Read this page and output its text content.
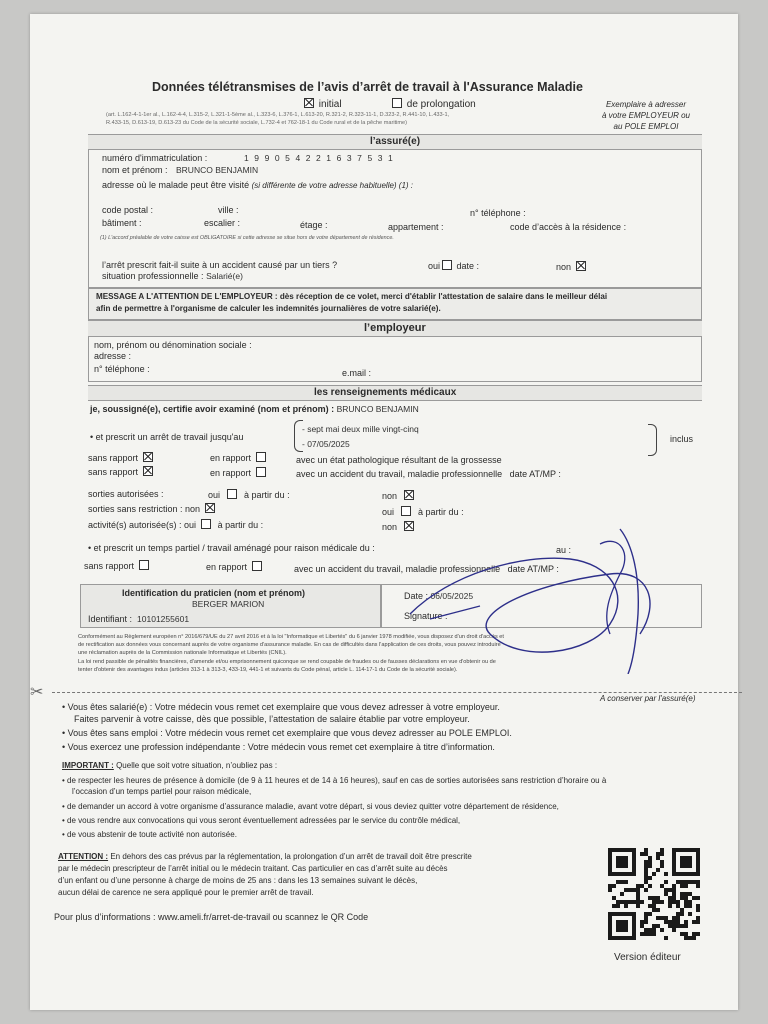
Données télétransmises de l’avis d’arrêt de travail à l'Assurance Maladie
initial	de prolongation
(art. L.162-4-1-1er al., L.162-4-4, L.315-2, L.321-1-5ème al., L.323-6, L.376-1, L.613-20, R.321-2, R.323-11-1, D.323-2, R.441-10, L.433-1,
R.433-15, D.613-19, D.613-23 du Code de la sécurité sociale, L.732-4 et 762-18-1 du Code rural et de la pêche maritime)
Exemplaire à adresser
à votre EMPLOYEUR ou
au POLE EMPLOI
l’assuré(e)
numéro d'immatriculation :	1 9 9 0 5 4 2 2 1 6 3 7 5 3 1
nom et prénom : BRUNCO BENJAMIN
adresse où le malade peut être visité (si différente de votre adresse habituelle) (1) :
code postal :	ville :	n° téléphone :
bâtiment :	escalier :	étage :	appartement :	code d’accès à la résidence :
(1) L'accord préalable de votre caisse est OBLIGATOIRE si cette adresse se situe hors de votre département de résidence.
l’arrêt prescrit fait-il suite à un accident causé par un tiers ?	oui date :	non
situation professionnelle : Salarié(e)
MESSAGE A L'ATTENTION DE L'EMPLOYEUR : dès réception de ce volet, merci d'établir l'attestation de salaire dans le meilleur délai
afin de permettre à l'organisme de calculer les indemnités journalières de votre salarié(e).
l’employeur
nom, prénom ou dénomination sociale :
adresse :
n° téléphone :	e.mail :
les renseignements médicaux
je, soussigné(e), certifie avoir examiné (nom et prénom) : BRUNCO BENJAMIN
• et prescrit un arrêt de travail jusqu'au
- sept mai deux mille vingt-cinq
- 07/05/2025	inclus
sans rapport	en rapport	avec un état pathologique résultant de la grossesse
sans rapport	en rapport	avec un accident du travail, maladie professionnelle date AT/MP :
sorties autorisées :	oui	à partir du :	non
sorties sans restriction : non	oui	à partir du :
activité(s) autorisée(s) : oui à partir du :	non
• et prescrit un temps partiel / travail aménagé pour raison médicale du :	au :
sans rapport	en rapport	avec un accident du travail, maladie professionnelle date AT/MP :
Identification du praticien (nom et prénom)
BERGER MARION
Identifiant : 10101255601
Date : 06/05/2025
Signature :
Conformément au Règlement européen n° 2016/679/UE du 27 avril 2016 et à la loi "Informatique et Libertés" du 6 janvier 1978 modifiée, vous disposez d'un droit d'accès et
de rectification aux données vous concernant auprès de votre organisme d'assurance maladie. En cas de difficultés dans l'application de ces droits, vous pouvez introduire
une réclamation auprès de la Commission nationale Informatique et Libertés (CNIL).
La loi rend passible de pénalités financières, d'amende et/ou emprisonnement quiconque se rend coupable de fraudes ou de fausses déclarations en vue d'obtenir ou de
tenter d'obtenir des avantages indus (articles 313-1 à 313-3, 433-19, 441-1 et suivants du Code pénal, article L. 114-17-1 du Code de la sécurité sociale).
✂	A conserver par l'assuré(e)
• Vous êtes salarié(e) : Votre médecin vous remet cet exemplaire que vous devez adresser à votre employeur.
Faites parvenir à votre caisse, dès que possible, l’attestation de salaire établie par votre employeur.
• Vous êtes sans emploi : Votre médecin vous remet cet exemplaire que vous devez adresser au POLE EMPLOI.
• Vous exercez une profession indépendante : Votre médecin vous remet cet exemplaire à titre d’information.
IMPORTANT : Quelle que soit votre situation, n’oubliez pas :
• de respecter les heures de présence à domicile (de 9 à 11 heures et de 14 à 16 heures), sauf en cas de sorties autorisées sans restriction d’horaire ou à
l’occasion d’un temps partiel pour raison médicale,
• de demander un accord à votre organisme d’assurance maladie, avant votre départ, si vous deviez quitter votre département de résidence,
• de vous rendre aux convocations qui vous seront éventuellement adressées par le service du contrôle médical,
• de vous abstenir de toute activité non autorisée.
ATTENTION : En dehors des cas prévus par la réglementation, la prolongation d’un arrêt de travail doit être prescrite
par le médecin prescripteur de l’arrêt initial ou le médecin traitant. Cas particulier en cas d’arrêt suite au décès
d’un enfant ou d’une personne à charge de moins de 25 ans : dans les 13 semaines suivant le décès,
aucun délai de carence ne sera appliqué pour le premier arrêt de travail.
Pour plus d’informations : www.ameli.fr/arret-de-travail ou scannez le QR Code
Version éditeur
